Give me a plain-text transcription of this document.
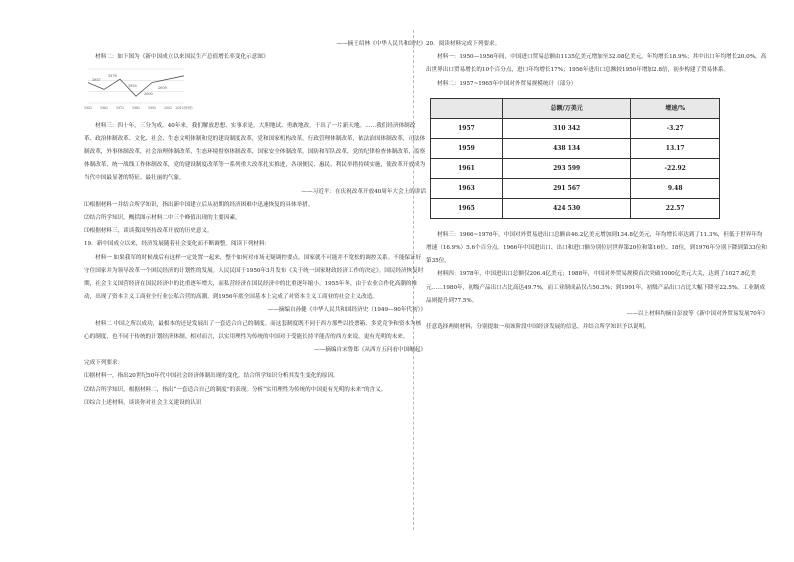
——摘王绍林《中华人民共和国史》

材料二：如下图为《新中国成立以来国民生产总值增长率变化示意图》

1952 1962 1972 1982 1992 2002 2012(年份)
1957
1978
1993
2000
2009

材料三：四十年，三分为成。40年来，我们解放思想、实事求是，大胆地试、勇敢地改，干出了一片新天地。……我们经济体制改革、政治体制改革、文化、社会、生态文明体制和党的建设制度改革，党和国家机构改革，行政管理体制改革，依法治国体制改革，司法体制改革，外事体制改革，社会治理体制改革，生态环境督察体制改革，国家安全体制改革，国防和军队改革，党的纪律检查体制改革，监察体制改革，统一战线工作体制改革，党的建设制度改革等一系列重大改革扎实推进，各项便民、惠民、利民举措持续实施，使改革开放成为当代中国最显著的特征、最壮丽的气象。

——习近平：在庆祝改革开放40周年大会上的讲话

⑴根据材料一并结合所学知识，指出新中国建立后从初期的经济困难中迅速恢复的具体举措。

⑵结合所学知识，概括图示材料二中三个峰值出现的主要因素。

⑶根据材料三，谈谈我国坚持改革开放的历史意义。

19．新中国成立以来，经济发展随着社会变化而不断调整。阅读下列材料：

材料一 如果我军的时候战后有这样一定处置一起来，整个如何对市场无疑调控要点。国家就不可能并不宽松的调控关系。不能保证好守住国家并为领导改革一个困民经济的计划性的发展。人民民国于1950年3月发布《关于统一国家财政经济工作的决定》。国民经济恢复时期，社会主义国营经济在国民经济中的比重逐年增大，而私营经济在国民经济中的比重逐年缩小。1955年冬，由于农业合作化高潮的推动，出现了资本主义工商业全行业公私合营的高潮，到1956年底全国基本上完成了对资本主义工商业的社会主义改造。

——摘编自孙健《中华人民共和国经济史（1949—90年代初）》

材料二 中国之所以成功，最根本的还是发展出了一套适合自己的制度。而这套制度既不同于西方那些以投票箱、多党竞争和资本为核心的制度，也不同于传统的计划经济体制。相对而言，以实用理性为传统的中国对于受能长持平能否的西方来说，更有光明的未来。

——摘编自宋鲁郑《从西方五问看中国崛起》

完成下列要求：

⑴据材料一，指出20世纪50年代中国社会经济体制出现的变化，结合所学知识分析其发生变化的原因。

⑵结合所学知识，根据材料二，指出“一套适合自己的制度”的表现。分析“实用理性为传统的中国更有光明的未来”的含义。

⑶综合上述材料，谈谈你对社会主义建设的认识

20．阅读材料完成下列要求。

材料一：1950—1956年间，中国进口贸易总额由1135亿美元增加至32.08亿美元，年均增长18.9%；其中出口年均增长20.0%，高出世界出口贸易增长的10个百分点，进口年均增长17%；1956年进出口总额较1950年增加2.8倍，初步构建了贸易体系。

材料二：1957~1965年中国对外贸易规模统计（部分）

	总额/万美元	增速/%
1957	310 342	-3.27
1959	438 134	13.17
1961	293 599	-22.92
1963	291 567	9.48
1965	424 530	22.57

材料三：1966~1976年，中国对外贸易进出口总额由46.2亿美元增加到134.8亿美元，年均增长率达到了11.3%，但低于世界年均增速（16.9%）5.6个百分点。1966年中国进出口、出口和进口额分别位居世界第20位和第16位、18位，到1976年分别下降到第33位和第35位。

材料四：1978年，中国进出口总额仅206.4亿美元；1988年，中国对外贸易规模首次突破1000亿美元大关，达到了1027.8亿美元……1980年，初级产品出口占比高达49.7%，而工业制成品仅占50.3%；到1991年，初级产品出口占比大幅下降至22.5%，工业制成品则提升到77.5%。

——以上材料均摘自彭波等《新中国对外贸易发展70年》

任意选择两则材料，分别提取一项该阶段中国经济发展的信息，并结合所学知识予以说明。
